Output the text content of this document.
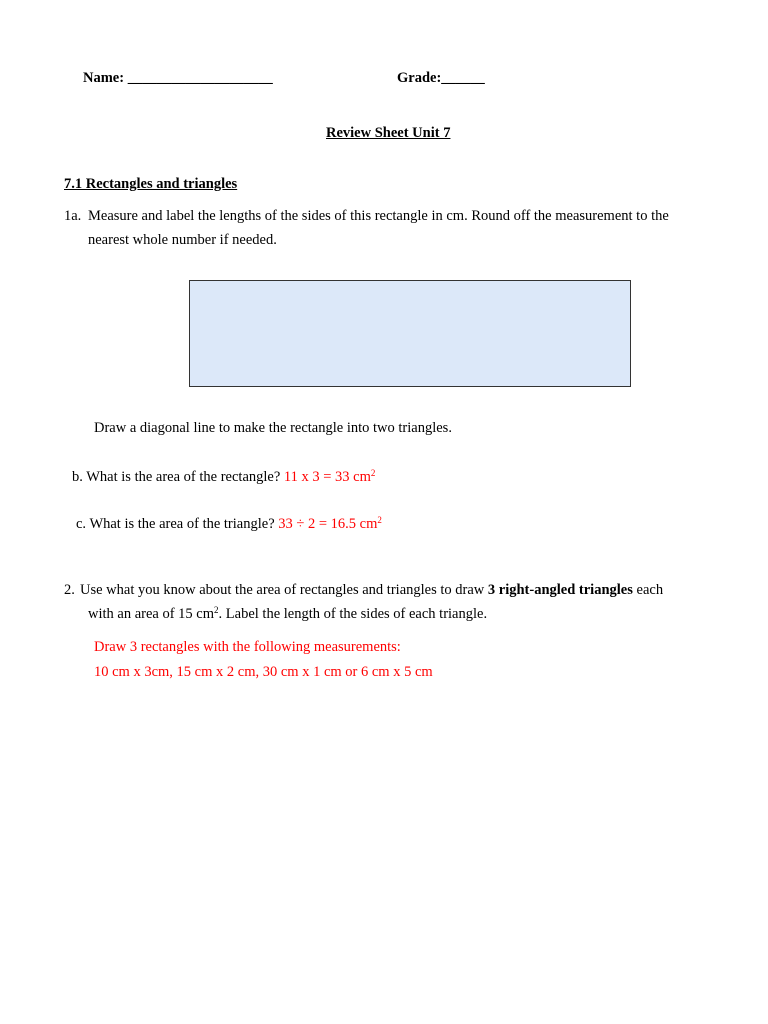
Name: ____________________	Grade:______
Review Sheet Unit 7
7.1 Rectangles and triangles
1a. Measure and label the lengths of the sides of this rectangle in cm. Round off the measurement to the
nearest whole number if needed.
Draw a diagonal line to make the rectangle into two triangles.
b. What is the area of the rectangle? 11 x 3 = 33 $cm^2$
c. What is the area of the triangle? 33 ÷ 2 = 16.5 $cm^2$
2. Use what you know about the area of rectangles and triangles to draw 3 right-angled triangles each
with an area of 15 $cm^2$. Label the length of the sides of each triangle.
Draw 3 rectangles with the following measurements:
10 cm x 3cm, 15 cm x 2 cm, 30 cm x 1 cm or 6 cm x 5 cm
